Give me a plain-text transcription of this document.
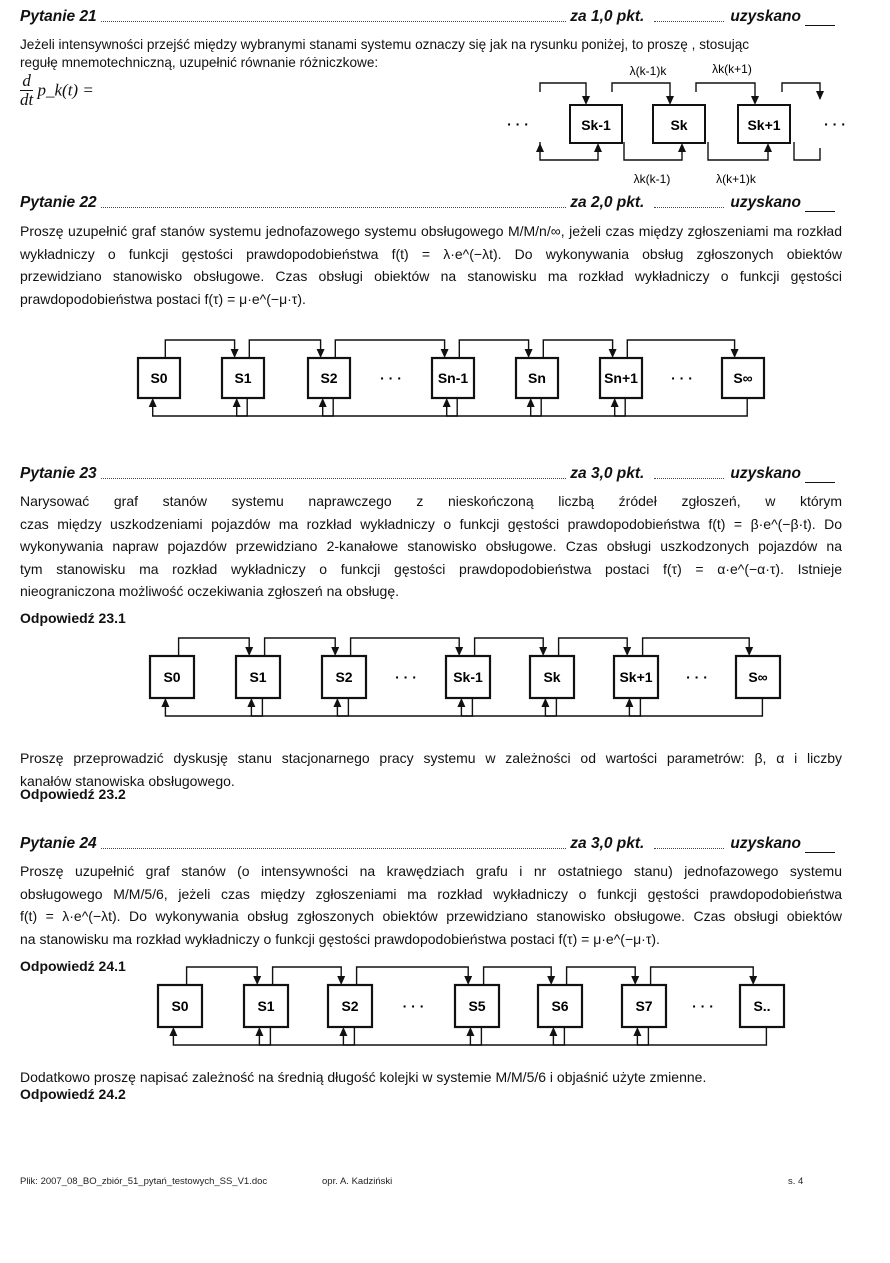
Pytanie 21	za 1,0 pkt.	uzyskano
Jeżeli intensywności przejść między wybranymi stanami systemu oznaczy się jak na rysunku poniżej, to proszę , stosując
regułę mnemotechniczną, uzupełnić równanie różniczkowe:
$\frac{d}{dt}$ p_k(t) =
Sk-1	Sk	Sk+1
· · ·	· · ·
λ(k-1)k	λk(k+1)
λk(k-1)	λ(k+1)k
Pytanie 22	za 2,0 pkt.	uzyskano
Proszę uzupełnić graf stanów systemu jednofazowego systemu obsługowego M/M/n/∞, jeżeli czas między zgłoszeniami ma rozkład
wykładniczy o funkcji gęstości prawdopodobieństwa f(t) = λ·e^(−λt). Do wykonywania obsług zgłoszonych obiektów
przewidziano stanowisko obsługowe. Czas obsługi obiektów na stanowisku ma rozkład wykładniczy o funkcji gęstości
prawdopodobieństwa postaci f(τ) = μ·e^(−μ·τ).
Pytanie 23	za 3,0 pkt.	uzyskano
Narysować graf stanów systemu naprawczego z nieskończoną liczbą źródeł zgłoszeń, w którym
czas między uszkodzeniami pojazdów ma rozkład wykładniczy o funkcji gęstości prawdopodobieństwa f(t) = β·e^(−β·t). Do
wykonywania napraw pojazdów przewidziano 2-kanałowe stanowisko obsługowe. Czas obsługi uszkodzonych pojazdów na
tym stanowisku ma rozkład wykładniczy o funkcji gęstości prawdopodobieństwa postaci f(τ) = α·e^(−α·τ). Istnieje
nieograniczona możliwość oczekiwania zgłoszeń na obsługę.
Odpowiedź 23.1
Proszę przeprowadzić dyskusję stanu stacjonarnego pracy systemu w zależności od wartości parametrów: β, α i liczby
kanałów stanowiska obsługowego.
Odpowiedź 23.2
Pytanie 24	za 3,0 pkt.	uzyskano
Proszę uzupełnić graf stanów (o intensywności na krawędziach grafu i nr ostatniego stanu) jednofazowego systemu
obsługowego M/M/5/6, jeżeli czas między zgłoszeniami ma rozkład wykładniczy o funkcji gęstości prawdopodobieństwa
f(t) = λ·e^(−λt). Do wykonywania obsług zgłoszonych obiektów przewidziano stanowisko obsługowe. Czas obsługi obiektów
na stanowisku ma rozkład wykładniczy o funkcji gęstości prawdopodobieństwa postaci f(τ) = μ·e^(−μ·τ).
Odpowiedź 24.1
Dodatkowo proszę napisać zależność na średnią długość kolejki w systemie M/M/5/6 i objaśnić użyte zmienne.
Odpowiedź 24.2
S0	S1	S2	Sn-1	Sn	Sn+1	S∞
· · ·	· · ·
S0	S1	S2	Sk-1	Sk	Sk+1	S∞
· · ·	· · ·
S0	S1	S2	S5	S6	S7	S..
· · ·	· · ·
Plik: 2007_08_BO_zbiór_51_pytań_testowych_SS_V1.doc	opr. A. Kadziński	s. 4
